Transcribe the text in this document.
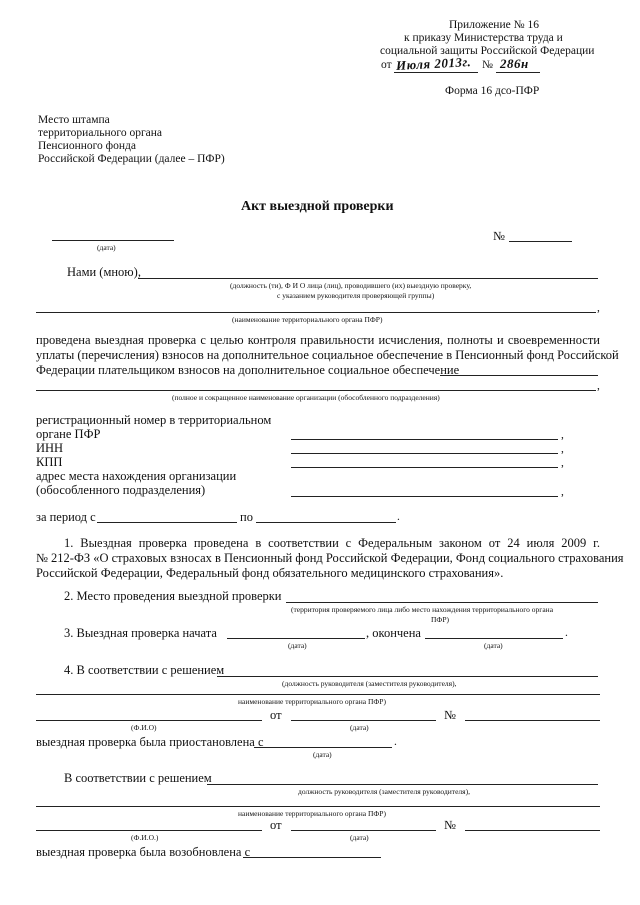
Приложение № 16
к приказу Министерства труда и
социальной защиты Российской Федерации
от Июля 2013г. № 286н
Форма 16 дсо-ПФР
Место штампа
территориального органа
Пенсионного фонда
Российской Федерации (далее – ПФР)
Акт выездной проверки
(дата)
№
Нами (мною),
(должность (ти), Ф И О лица (лиц), проводившего (их) выездную проверку,
с указанием руководителя проверяющей группы)
,
(наименование территориального органа ПФР)
проведена выездная проверка с целью контроля правильности исчисления, полноты и своевременности
уплаты (перечисления) взносов на дополнительное социальное обеспечение в Пенсионный фонд Российской
Федерации плательщиком взносов на дополнительное социальное обеспечение
,
(полное и сокращенное наименование организации (обособленного подразделения)
регистрационный номер в территориальном
органе ПФР	,
ИНН	,
КПП	,
адрес места нахождения организации
(обособленного подразделения)	,
за период с	по	.
1. Выездная проверка проведена в соответствии с Федеральным законом от 24 июля 2009 г.
№ 212-ФЗ «О страховых взносах в Пенсионный фонд Российской Федерации, Фонд социального страхования
Российской Федерации, Федеральный фонд обязательного медицинского страхования».
2. Место проведения выездной проверки
(территория проверяемого лица либо место нахождения территориального органа
ПФР)
3. Выездная проверка начата	, окончена	.
(дата)	(дата)
4. В соответствии с решением
(должность руководителя (заместителя руководителя),
наименование территориального органа ПФР)
от	№
(Ф.И.О)	(дата)
выездная проверка была приостановлена с	.
(дата)
В соответствии с решением
должность руководителя (заместителя руководителя),
наименование территориального органа ПФР)
от	№
(Ф.И.О.)	(дата)
выездная проверка была возобновлена с
